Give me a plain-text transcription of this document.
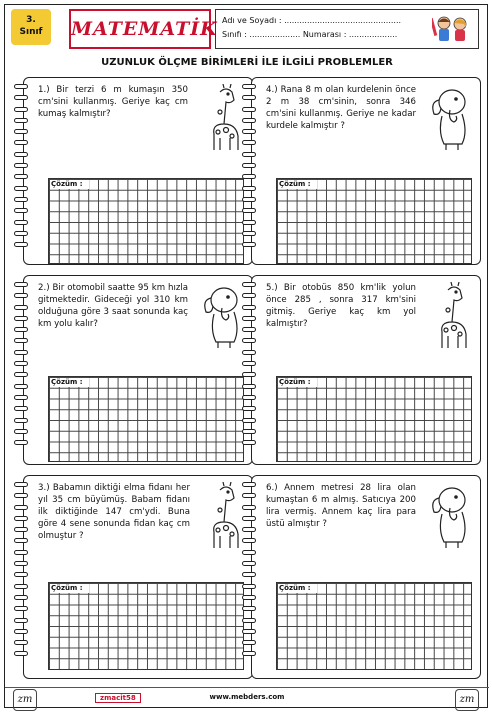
3.
Sınıf	MATEMATİK Adı ve Soyadı : ..............................................
Sınıfı : .................... Numarası : ...................
UZUNLUK ÖLÇME BİRİMLERİ İLE İLGİLİ PROBLEMLER
1.) Bir terzi 6 m kumaşın 350 cm'sini kullanmış. Geriye kaç cm kumaş kalmıştır?
Çözüm :
4.) Rana 8 m olan kurdelenin önce 2 m 38 cm'sinin, sonra 346 cm'sini kullanmış. Geriye ne kadar kurdele kalmıştır ?
Çözüm :
2.) Bir otomobil saatte 95 km hızla gitmektedir. Gideceği yol 310 km olduğuna göre 3 saat sonunda kaç km yolu kalır?
Çözüm :
5.) Bir otobüs 850 km'lik yolun önce 285 , sonra 317 km'sini gitmiş. Geriye kaç km yol kalmıştır?
Çözüm :
3.) Babamın diktiği elma fidanı her yıl 35 cm büyümüş. Babam fidanı ilk diktiğinde 147 cm'ydi. Buna göre 4 sene sonunda fidan kaç cm olmuştur ?
Çözüm :
6.) Annem metresi 28 lira olan kumaştan 6 m almış. Satıcıya 200 lira vermiş. Annem kaç lira para üstü almıştır ?
Çözüm :
zm	zmacit58	www.mebders.com	zm
